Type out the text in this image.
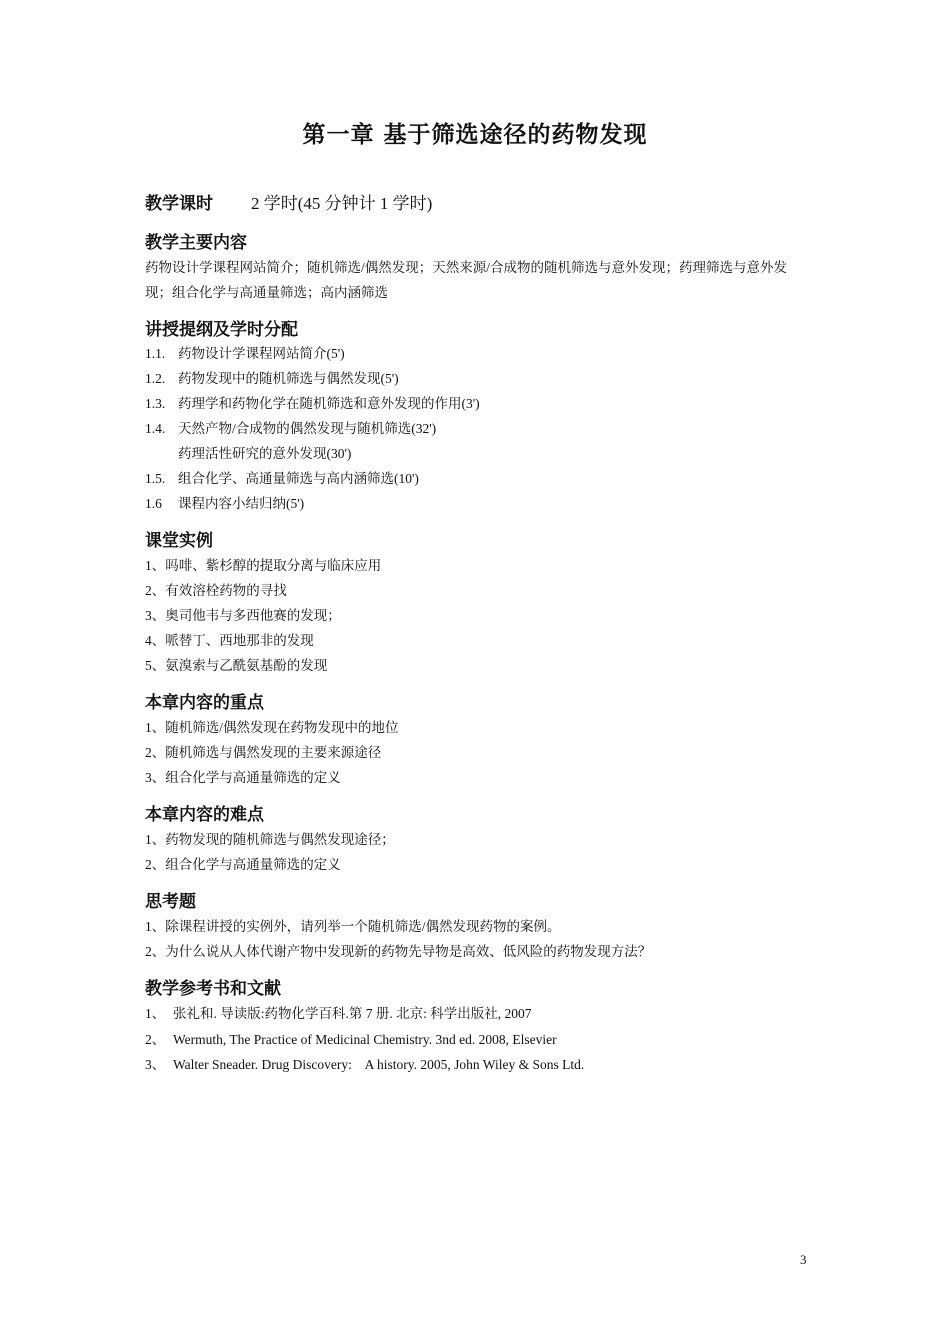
第一章 基于筛选途径的药物发现
教学课时 2 学时(45 分钟计 1 学时)
教学主要内容
药物设计学课程网站简介；随机筛选/偶然发现；天然来源/合成物的随机筛选与意外发现；药理筛选与意外发现；组合化学与高通量筛选；高内涵筛选
讲授提纲及学时分配
1.1. 药物设计学课程网站简介(5')
1.2. 药物发现中的随机筛选与偶然发现(5')
1.3. 药理学和药物化学在随机筛选和意外发现的作用(3')
1.4. 天然产物/合成物的偶然发现与随机筛选(32')
药理活性研究的意外发现(30')
1.5. 组合化学、高通量筛选与高内涵筛选(10')
1.6 课程内容小结归纳(5')
课堂实例
1、吗啡、紫杉醇的提取分离与临床应用
2、有效溶栓药物的寻找
3、奥司他韦与多西他赛的发现；
4、哌替丁、西地那非的发现
5、氨溴索与乙酰氨基酚的发现
本章内容的重点
1、随机筛选/偶然发现在药物发现中的地位
2、随机筛选与偶然发现的主要来源途径
3、组合化学与高通量筛选的定义
本章内容的难点
1、药物发现的随机筛选与偶然发现途径；
2、组合化学与高通量筛选的定义
思考题
1、除课程讲授的实例外，请列举一个随机筛选/偶然发现药物的案例。
2、为什么说从人体代谢产物中发现新的药物先导物是高效、低风险的药物发现方法？
教学参考书和文献
1、 张礼和. 导读版:药物化学百科.第 7 册. 北京: 科学出版社, 2007
2、 Wermuth, The Practice of Medicinal Chemistry. 3nd ed. 2008, Elsevier
3、 Walter Sneader. Drug Discovery:    A history. 2005, John Wiley & Sons Ltd.
3
